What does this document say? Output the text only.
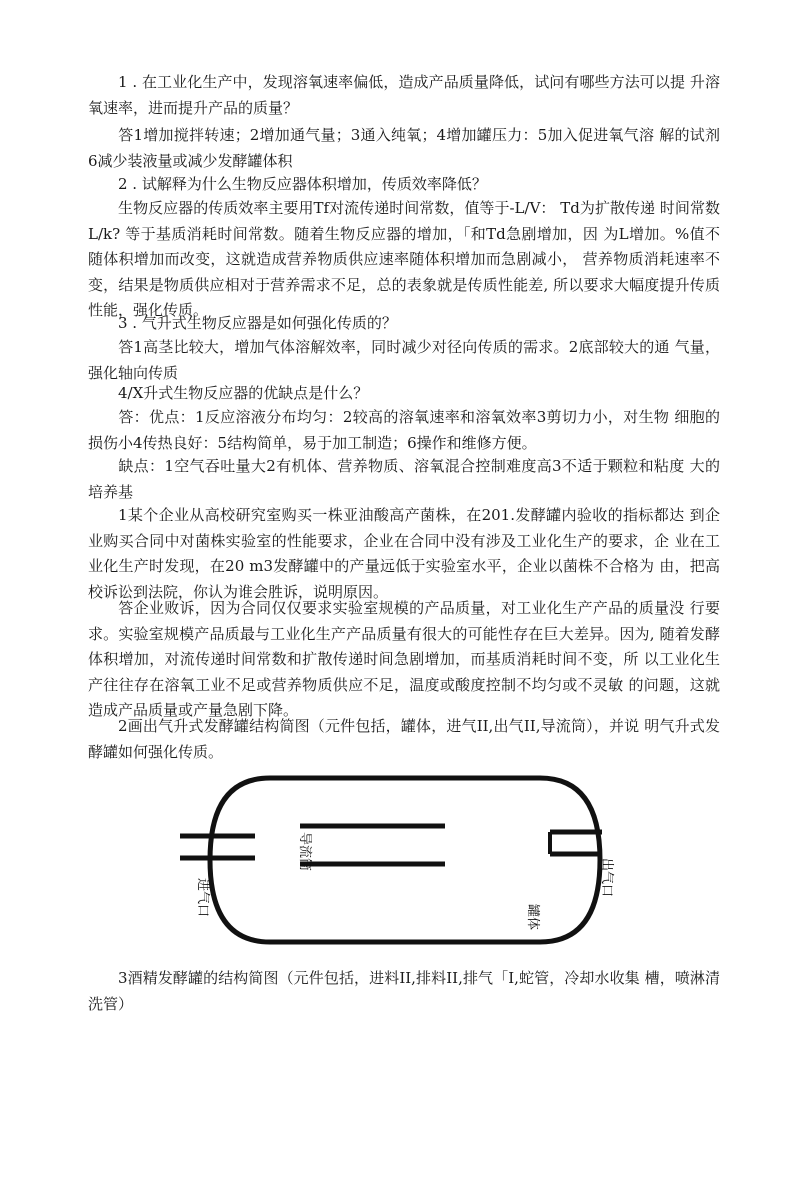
1 . 在工业化生产中，发现溶氧速率偏低，造成产品质量降低，试问有哪些方法可以提 升溶氧速率，进而提升产品的质量？

答1增加搅拌转速；2增加通气量；3通入纯氧；4增加罐压力：5加入促进氧气溶 解的试剂6减少装液量或减少发酵罐体积

2 . 试解释为什么生物反应器体积增加，传质效率降低？

生物反应器的传质效率主要用Tf对流传递时间常数，值等于-L/V： Td为扩散传递 时间常数L/k? 等于基质消耗时间常数。随着生物反应器的增加，「和Td急剧增加，因 为L增加。%值不随体积增加而改变，这就造成营养物质供应速率随体积增加而急剧减小， 营养物质消耗速率不变，结果是物质供应相对于营养需求不足，总的表象就是传质性能差, 所以要求大幅度提升传质性能，强化传质。

3 . 气升式生物反应器是如何强化传质的？

答1高茎比较大，增加气体溶解效率，同时减少对径向传质的需求。2底部较大的通 气量，强化轴向传质

4/X升式生物反应器的优缺点是什么？

答：优点：1反应溶液分布均匀：2较高的溶氧速率和溶氧效率3剪切力小，对生物 细胞的损伤小4传热良好：5结构简单，易于加工制造；6操作和维修方便。

缺点：1空气吞吐量大2有机体、营养物质、溶氧混合控制难度高3不适于颗粒和粘度 大的培养基

1某个企业从高校研究室购买一株亚油酸高产菌株，在201.发酵罐内验收的指标都达 到企业购买合同中对菌株实验室的性能要求，企业在合同中没有涉及工业化生产的要求，企 业在工业化生产时发现，在20 m3发酵罐中的产量远低于实验室水平，企业以菌株不合格为 由，把高校诉讼到法院，你认为谁会胜诉，说明原因。

答企业败诉，因为合同仅仅要求实验室规模的产品质量，对工业化生产产品的质量没 行要求。实验室规模产品质最与工业化生产产品质量有很大的可能性存在巨大差异。因为, 随着发酵体积增加，对流传递时间常数和扩散传递时间急剧增加，而基质消耗时间不变，所 以工业化生产往往存在溶氧工业不足或营养物质供应不足，温度或酸度控制不均匀或不灵敏 的问题，这就造成产品质量或产量急剧下降。

2画出气升式发酵罐结构简图（元件包括，罐体，进气II,出气II,导流筒），并说 明气升式发酵罐如何强化传质。

导流筒
出气口
进气口	罐体

3酒精发酵罐的结构简图（元件包括，进料II,排料II,排气「I,蛇管，冷却水收集 槽，喷淋清洗管）
